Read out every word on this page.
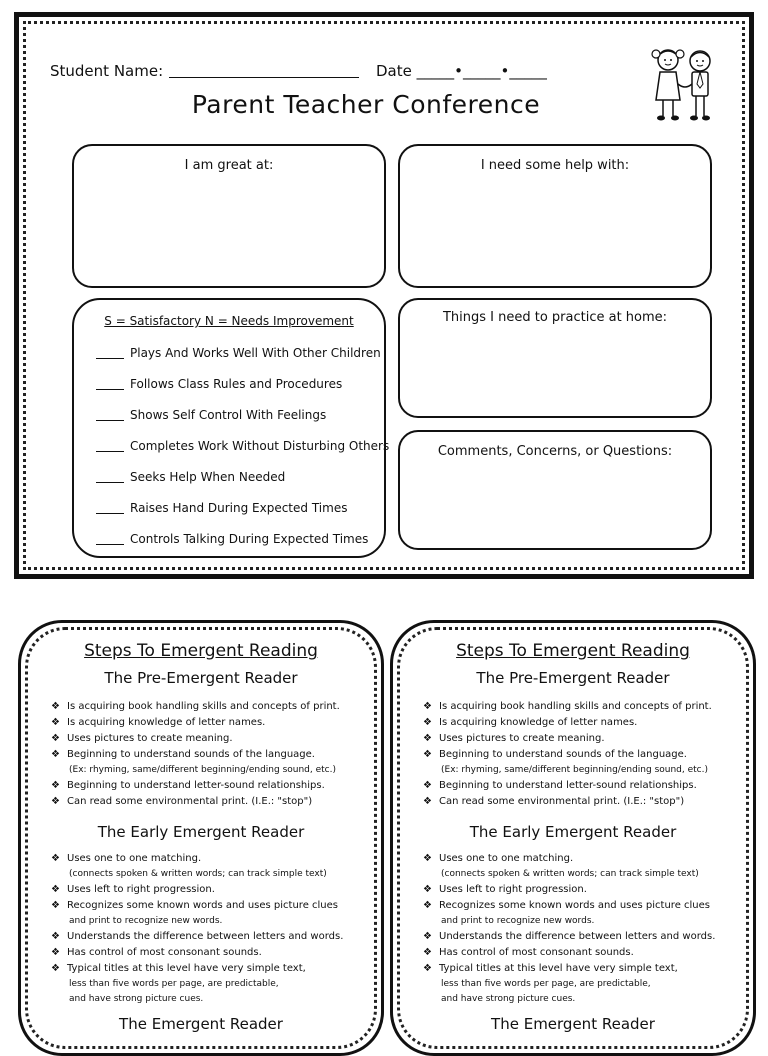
Student Name:	Date _____•_____•_____
Parent Teacher Conference
I am great at:	I need some help with:
S = Satisfactory N = Needs Improvement
Plays And Works Well With Other Children
Follows Class Rules and Procedures
Shows Self Control With Feelings
Completes Work Without Disturbing Others
Seeks Help When Needed
Raises Hand During Expected Times
Controls Talking During Expected Times
Things I need to practice at home:
Comments, Concerns, or Questions:
Steps To Emergent Reading
The Pre-Emergent Reader
❖ Is acquiring book handling skills and concepts of print.
❖ Is acquiring knowledge of letter names.
❖ Uses pictures to create meaning.
❖ Beginning to understand sounds of the language.
(Ex: rhyming, same/different beginning/ending sound, etc.)
❖ Beginning to understand letter-sound relationships.
❖ Can read some environmental print. (I.E.: "stop")
The Early Emergent Reader
❖ Uses one to one matching.
(connects spoken & written words; can track simple text)
❖ Uses left to right progression.
❖ Recognizes some known words and uses picture clues
and print to recognize new words.
❖ Understands the difference between letters and words.
❖ Has control of most consonant sounds.
❖ Typical titles at this level have very simple text,
less than five words per page, are predictable,
and have strong picture cues.
The Emergent Reader
Steps To Emergent Reading
The Pre-Emergent Reader
❖ Is acquiring book handling skills and concepts of print.
❖ Is acquiring knowledge of letter names.
❖ Uses pictures to create meaning.
❖ Beginning to understand sounds of the language.
(Ex: rhyming, same/different beginning/ending sound, etc.)
❖ Beginning to understand letter-sound relationships.
❖ Can read some environmental print. (I.E.: "stop")
The Early Emergent Reader
❖ Uses one to one matching.
(connects spoken & written words; can track simple text)
❖ Uses left to right progression.
❖ Recognizes some known words and uses picture clues
and print to recognize new words.
❖ Understands the difference between letters and words.
❖ Has control of most consonant sounds.
❖ Typical titles at this level have very simple text,
less than five words per page, are predictable,
and have strong picture cues.
The Emergent Reader
